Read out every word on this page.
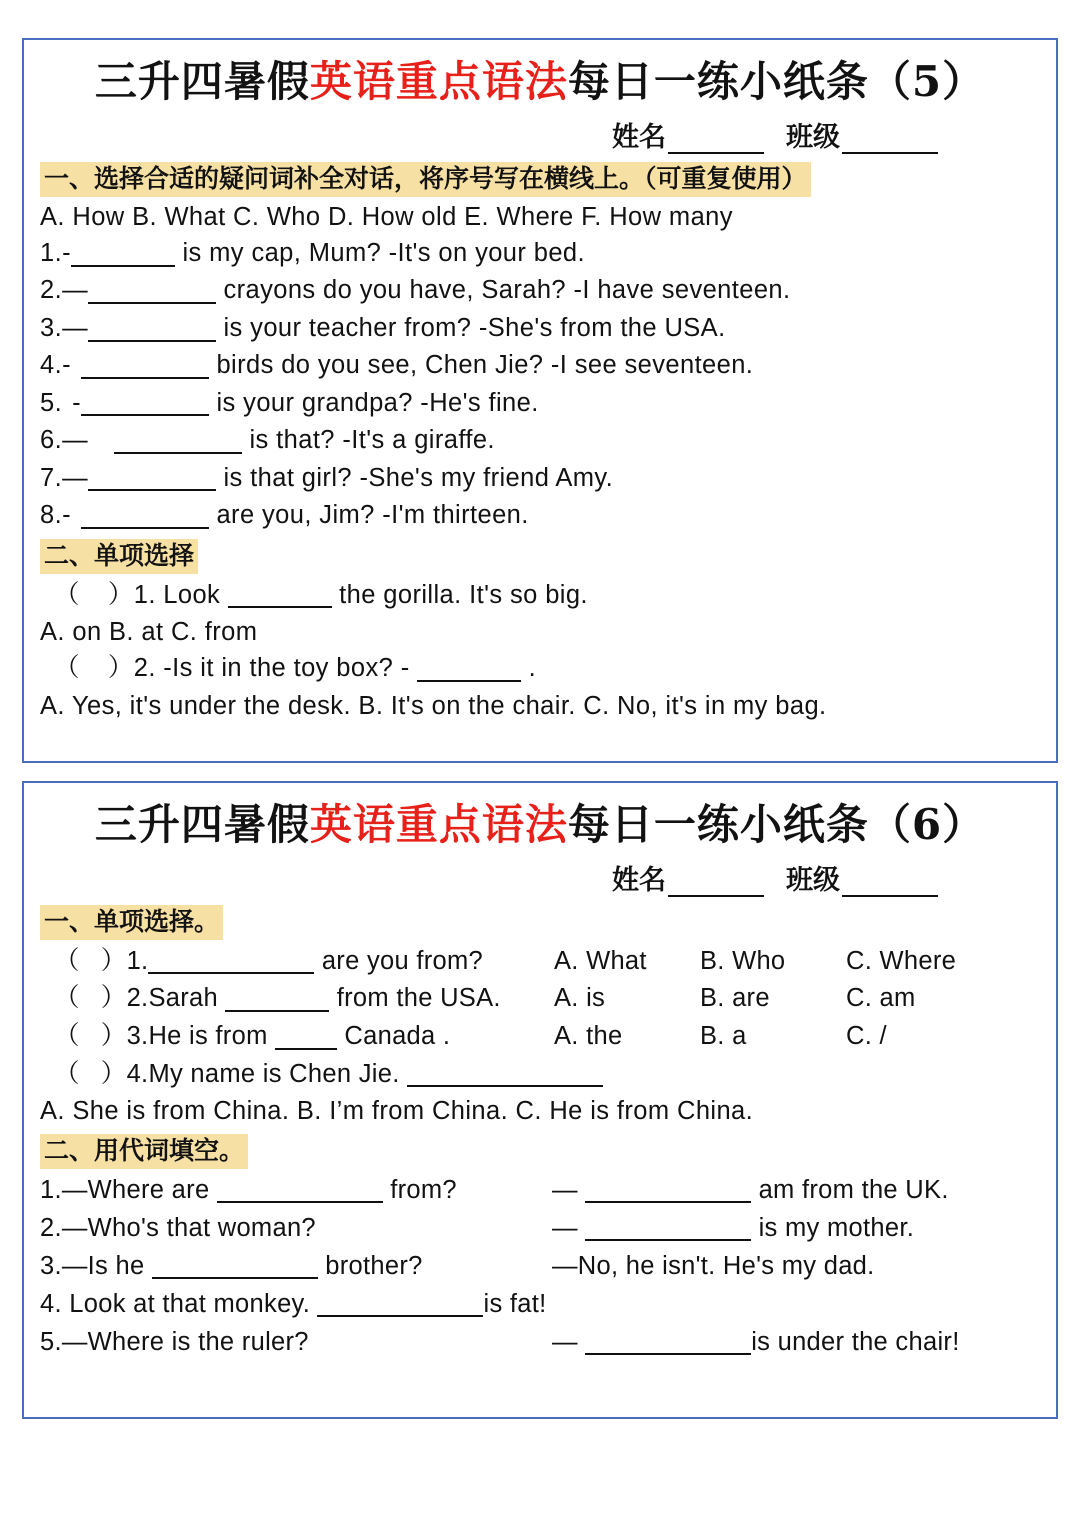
三升四暑假英语重点语法每日一练小纸条（5）
姓名	班级
一、选择合适的疑问词补全对话，将序号写在横线上。（可重复使用）
A. How B. What C. Who D. How old E. Where F. How many
1.-	is my cap, Mum? -It's on your bed.
2.—	crayons do you have, Sarah? -I have seventeen.
3.—	is your teacher from? -She's from the USA.
4.-	birds do you see, Chen Jie? -I see seventeen.
5. -	is your grandpa? -He's fine.
6.—	is that? -It's a giraffe.
7.—	is that girl? -She's my friend Amy.
8.-	are you, Jim? -I'm thirteen.
二、单项选择
（    ）1. Look	the gorilla. It's so big.
A. on B. at C. from
（    ）2. -Is it in the toy box? -	.
A. Yes, it's under the desk. B. It's on the chair. C. No, it's in my bag.
三升四暑假英语重点语法每日一练小纸条（6）
姓名	班级
一、单项选择。
（   ）1.	are you from?	A. What	B. Who	C. Where
（   ）2.Sarah	from the USA.	A. is	B. are	C. am
（   ）3.He is from  Canada .	A. the	B. a	C. /
（   ）4.My name is Chen Jie.
A. She is from China. B. I’m from China. C. He is from China.
二、用代词填空。
1.—Where are	from?	—	am from the UK.
2.—Who's that woman?	—	is my mother.
3.—Is he	brother?	—No, he isn't. He's my dad.
4. Look at that monkey.	is fat!
5.—Where is the ruler?	—	is under the chair!
